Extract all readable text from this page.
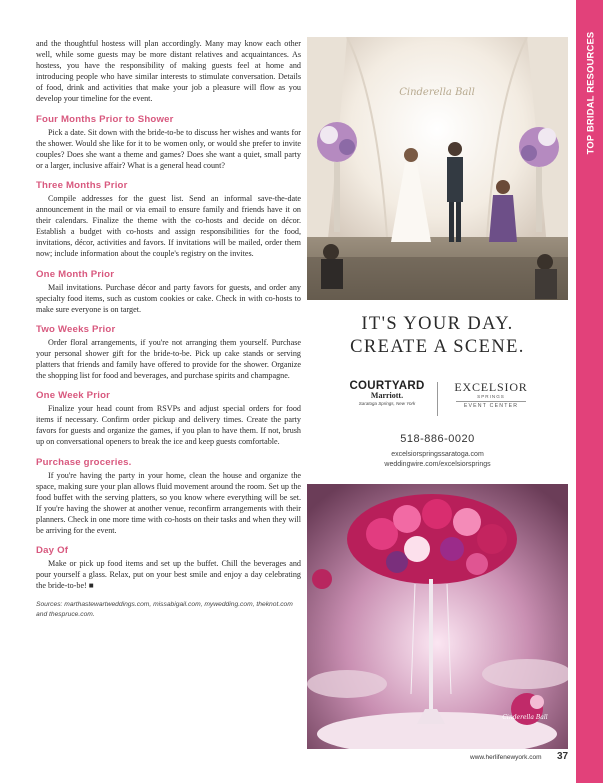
TOP BRIDAL RESOURCES

and the thoughtful hostess will plan accordingly. Many may know each other well, while some guests may be more distant relatives and acquaintances. As hostess, you have the responsibility of making guests feel at home and introducing people who have similar interests to stimulate conversation. Details of food, drink and activities that make your job a pleasure will flow as you develop your timeline for the event.

Four Months Prior to Shower

Pick a date. Sit down with the bride-to-be to discuss her wishes and wants for the shower. Would she like for it to be women only, or would she prefer to invite couples? Does she want a theme and games? Does she want a quiet, small party or a larger, inclusive affair? What is a general head count?

Three Months Prior

Compile addresses for the guest list. Send an informal save-the-date announcement in the mail or via email to ensure family and friends have it on their calendars. Finalize the theme with the co-hosts and decide on décor. Establish a budget with co-hosts and assign responsibilities for the food, invitations, décor, activities and favors. If invitations will be mailed, order them now; include information about the couple's registry on the invites.

One Month Prior

Mail invitations. Purchase décor and party favors for guests, and order any specialty food items, such as custom cookies or cake. Check in with co-hosts to make sure everyone is on target.

Two Weeks Prior

Order floral arrangements, if you're not arranging them yourself. Purchase your personal shower gift for the bride-to-be. Pick up cake stands or serving platters that friends and family have offered to provide for the shower. Organize the shopping list for food and beverages, and purchase spirits and champagne.

One Week Prior

Finalize your head count from RSVPs and adjust special orders for food items if necessary. Confirm order pickup and delivery times. Create the party favors for guests and organize the games, if you plan to have them. If not, brush up on conversational openers to break the ice and keep guests comfortable.

Purchase groceries.

If you're having the party in your home, clean the house and organize the space, making sure your plan allows fluid movement around the room. Set up the food buffet with the serving platters, so you know where everything will be set. If you're having the shower at another venue, reconfirm arrangements with their planners. Check in one more time with co-hosts on their tasks and when they will be arriving for the event.

Day Of

Make or pick up food items and set up the buffet. Chill the beverages and pour yourself a glass. Relax, put on your best smile and enjoy a day celebrating the bride-to-be! ■

Sources: marthastewartweddings.com, missabigail.com, mywedding.com, theknot.com and thespruce.com.
Cinderella Ball
IT'S YOUR DAY.
CREATE A SCENE.
COURTYARD
Marriott.
Saratoga Springs, New York
EXCELSIOR
SPRINGS
EVENT CENTER
518-886-0020
excelsiorspringssaratoga.com
weddingwire.com/excelsiorsprings
Cinderella Ball
www.herlifenewyork.com 37
